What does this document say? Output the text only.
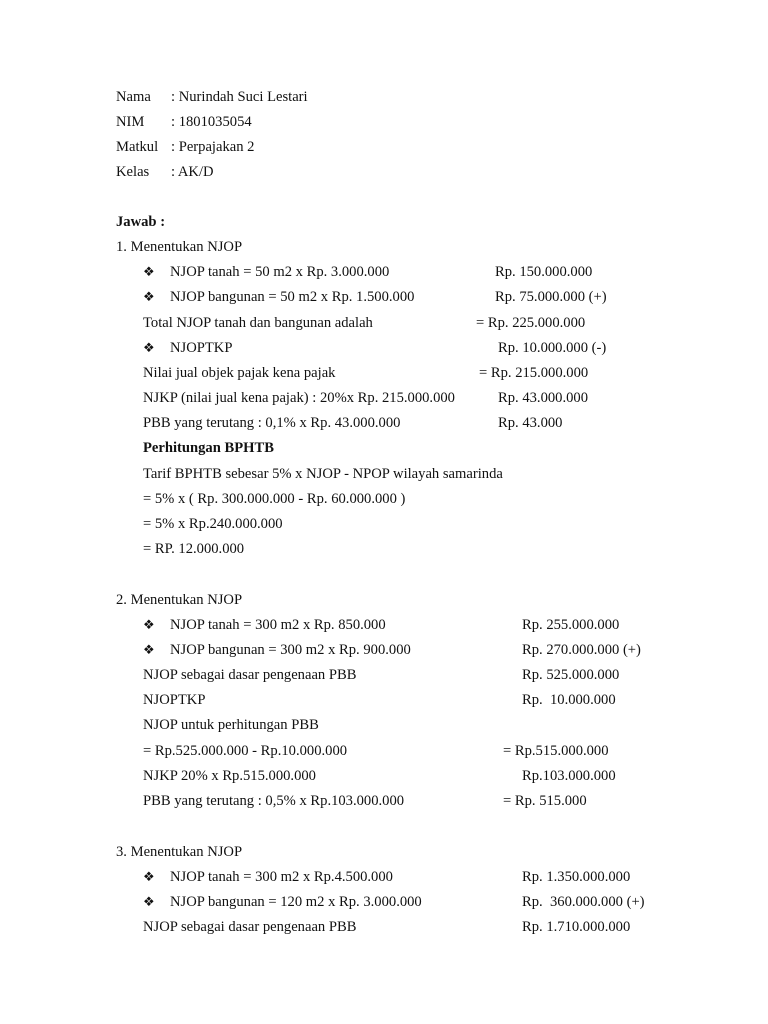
Nama : Nurindah Suci Lestari
NIM : 1801035054
Matkul : Perpajakan 2
Kelas : AK/D
Jawab :
1. Menentukan NJOP
❖ NJOP tanah = 50 m2 x Rp. 3.000.000	Rp. 150.000.000
❖ NJOP bangunan = 50 m2 x Rp. 1.500.000	Rp. 75.000.000 (+)
Total NJOP tanah dan bangunan adalah	= Rp. 225.000.000
❖ NJOPTKP	Rp. 10.000.000 (-)
Nilai jual objek pajak kena pajak	= Rp. 215.000.000
NJKP (nilai jual kena pajak) : 20%x Rp. 215.000.000	Rp. 43.000.000
PBB yang terutang : 0,1% x Rp. 43.000.000	Rp. 43.000
Perhitungan BPHTB
Tarif BPHTB sebesar 5% x NJOP - NPOP wilayah samarinda
= 5% x ( Rp. 300.000.000 - Rp. 60.000.000 )
= 5% x Rp.240.000.000
= RP. 12.000.000
2. Menentukan NJOP
❖ NJOP tanah = 300 m2 x Rp. 850.000	Rp. 255.000.000
❖ NJOP bangunan = 300 m2 x Rp. 900.000	Rp. 270.000.000 (+)
NJOP sebagai dasar pengenaan PBB	Rp. 525.000.000
NJOPTKP	Rp.  10.000.000
NJOP untuk perhitungan PBB
= Rp.525.000.000 - Rp.10.000.000	= Rp.515.000.000
NJKP 20% x Rp.515.000.000	Rp.103.000.000
PBB yang terutang : 0,5% x Rp.103.000.000	= Rp. 515.000
3. Menentukan NJOP
❖ NJOP tanah = 300 m2 x Rp.4.500.000	Rp. 1.350.000.000
❖ NJOP bangunan = 120 m2 x Rp. 3.000.000	Rp.  360.000.000 (+)
NJOP sebagai dasar pengenaan PBB	Rp. 1.710.000.000
